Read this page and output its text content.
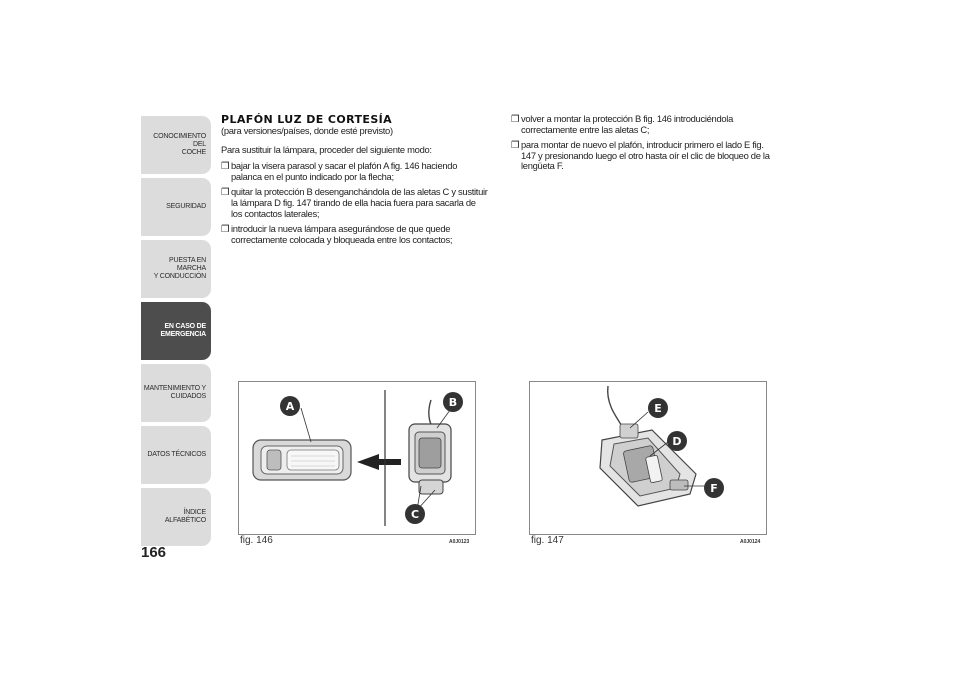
CONOCIMIENTO DEL
COCHE
SEGURIDAD
PUESTA EN MARCHA
Y CONDUCCIÓN
EN CASO DE
EMERGENCIA
MANTENIMIENTO Y
CUIDADOS
DATOS TÉCNICOS
ÍNDICE ALFABÉTICO
166
PLAFÓN LUZ DE CORTESÍA
(para versiones/países, donde esté previsto)
Para sustituir la lámpara, proceder del siguiente modo:
❒ bajar la visera parasol y sacar el plafón A fig. 146 haciendo palanca en el punto indicado por la flecha;
❒ quitar la protección B desenganchándola de las aletas C y sustituir la lámpara D fig. 147 tirando de ella hacia fuera para sacarla de los contactos laterales;
❒ introducir la nueva lámpara asegurándose de que quede correctamente colocada y bloqueada entre los contactos;
❒ volver a montar la protección B fig. 146 introduciéndola correctamente entre las aletas C;
❒ para montar de nuevo el plafón, introducir primero el lado E fig. 147 y presionando luego el otro hasta oír el clic de bloqueo de la lengüeta F.
A	B
C
fig. 146	A0J0123
E
D
F
fig. 147	A0J0124
